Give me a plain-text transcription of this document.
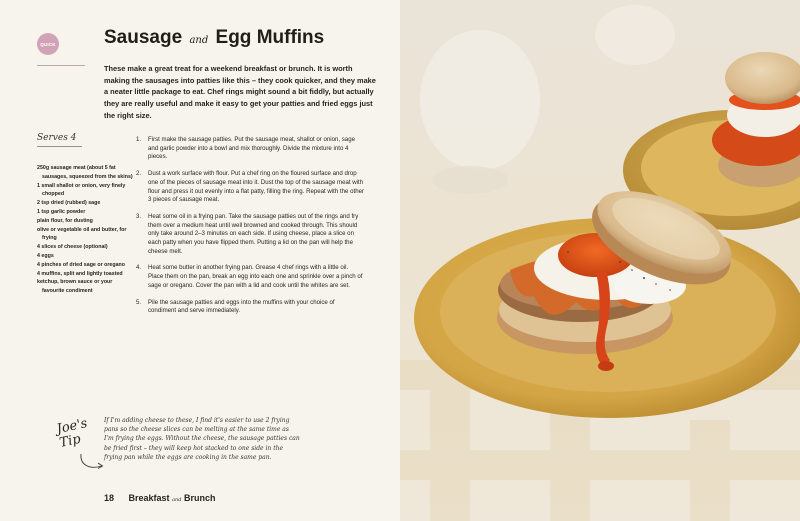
QUICK	Sausage and Egg Muffins
These make a great treat for a weekend breakfast or brunch. It is worth making the sausages into patties like this – they cook quicker, and they make a neater little package to eat. Chef rings might sound a bit fiddly, but actually they are really useful and make it easy to get your patties and fried eggs just the right size.
Serves 4
250g sausage meat (about 5 fat sausages, squeezed from the skins)
1 small shallot or onion, very finely chopped
2 tsp dried (rubbed) sage
1 tsp garlic powder
plain flour, for dusting
olive or vegetable oil and butter, for frying
4 slices of cheese (optional)
4 eggs
4 pinches of dried sage or oregano
4 muffins, split and lightly toasted
ketchup, brown sauce or your favourite condiment
1. First make the sausage patties. Put the sausage meat, shallot or onion, sage and garlic powder into a bowl and mix thoroughly. Divide the mixture into 4 pieces.
2. Dust a work surface with flour. Put a chef ring on the floured surface and drop one of the pieces of sausage meat into it. Dust the top of the sausage meat with flour and press it out evenly into a flat patty, filling the ring. Repeat with the other 3 pieces of sausage meat.
3. Heat some oil in a frying pan. Take the sausage patties out of the rings and fry them over a medium heat until well browned and cooked through. This should only take around 2–3 minutes on each side. If using cheese, place a slice on each patty when you have flipped them. Putting a lid on the pan will help the cheese melt.
4. Heat some butter in another frying pan. Grease 4 chef rings with a little oil. Place them on the pan, break an egg into each one and sprinkle over a pinch of sage or oregano. Cover the pan with a lid and cook until the whites are set.
5. Pile the sausage patties and eggs into the muffins with your choice of condiment and serve immediately.
Joe's Tip
If I'm adding cheese to these, I find it's easier to use 2 frying pans so the cheese slices can be melting at the same time as I'm frying the eggs. Without the cheese, the sausage patties can be fried first – they will keep hot stacked to one side in the frying pan while the eggs are cooking in the same pan.
18 Breakfast and Brunch
